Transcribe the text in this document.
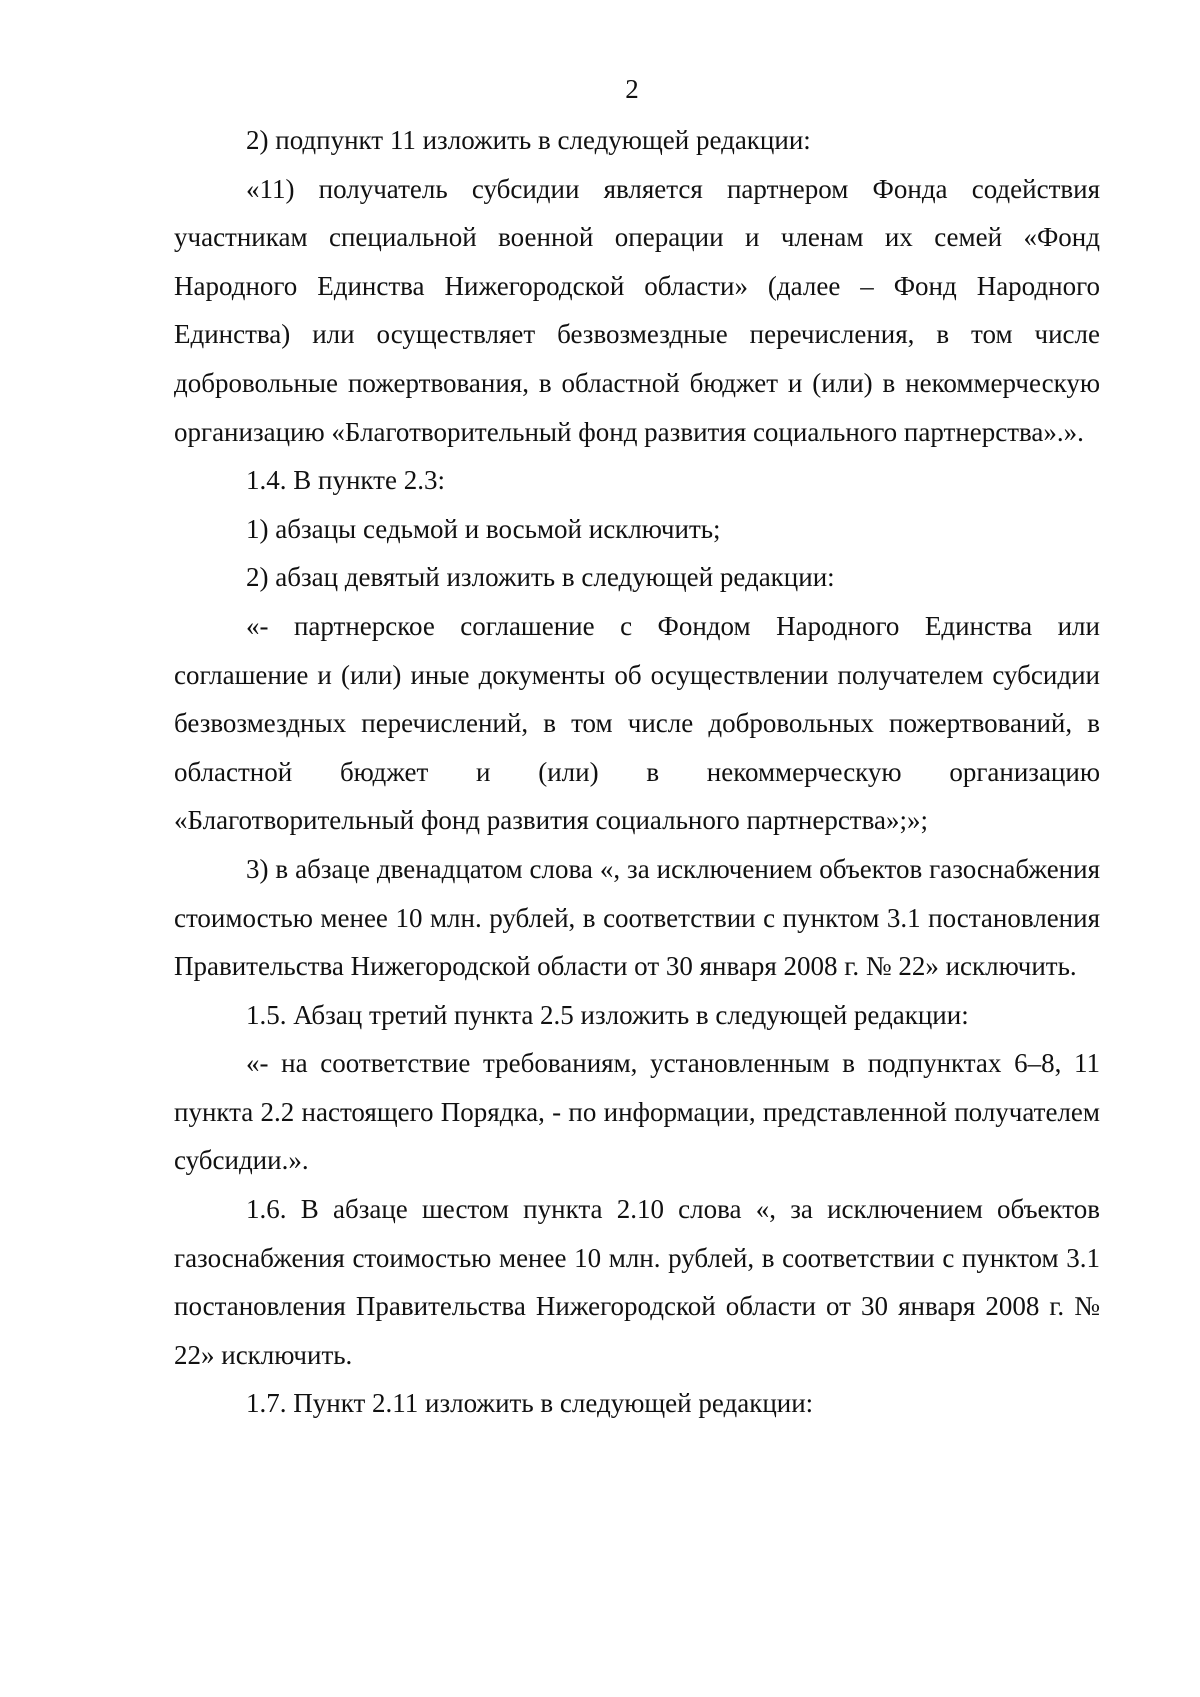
2

2) подпункт 11 изложить в следующей редакции:

«11) получатель субсидии является партнером Фонда содействия участникам специальной военной операции и членам их семей «Фонд Народного Единства Нижегородской области» (далее – Фонд Народного Единства) или осуществляет безвозмездные перечисления, в том числе добровольные пожертвования, в областной бюджет и (или) в некоммерческую организацию «Благотворительный фонд развития социального партнерства».».

1.4. В пункте 2.3:

1) абзацы седьмой и восьмой исключить;

2) абзац девятый изложить в следующей редакции:

«- партнерское соглашение с Фондом Народного Единства или соглашение и (или) иные документы об осуществлении получателем субсидии безвозмездных перечислений, в том числе добровольных пожертвований, в областной бюджет и (или) в некоммерческую организацию «Благотворительный фонд развития социального партнерства»;»;

3) в абзаце двенадцатом слова «, за исключением объектов газоснабжения стоимостью менее 10 млн. рублей, в соответствии с пунктом 3.1 постановления Правительства Нижегородской области от 30 января 2008 г. № 22» исключить.

1.5. Абзац третий пункта 2.5 изложить в следующей редакции:

«- на соответствие требованиям, установленным в подпунктах 6–8, 11 пункта 2.2 настоящего Порядка, - по информации, представленной получателем субсидии.».

1.6. В абзаце шестом пункта 2.10 слова «, за исключением объектов газоснабжения стоимостью менее 10 млн. рублей, в соответствии с пунктом 3.1 постановления Правительства Нижегородской области от 30 января 2008 г. № 22» исключить.

1.7. Пункт 2.11 изложить в следующей редакции:
